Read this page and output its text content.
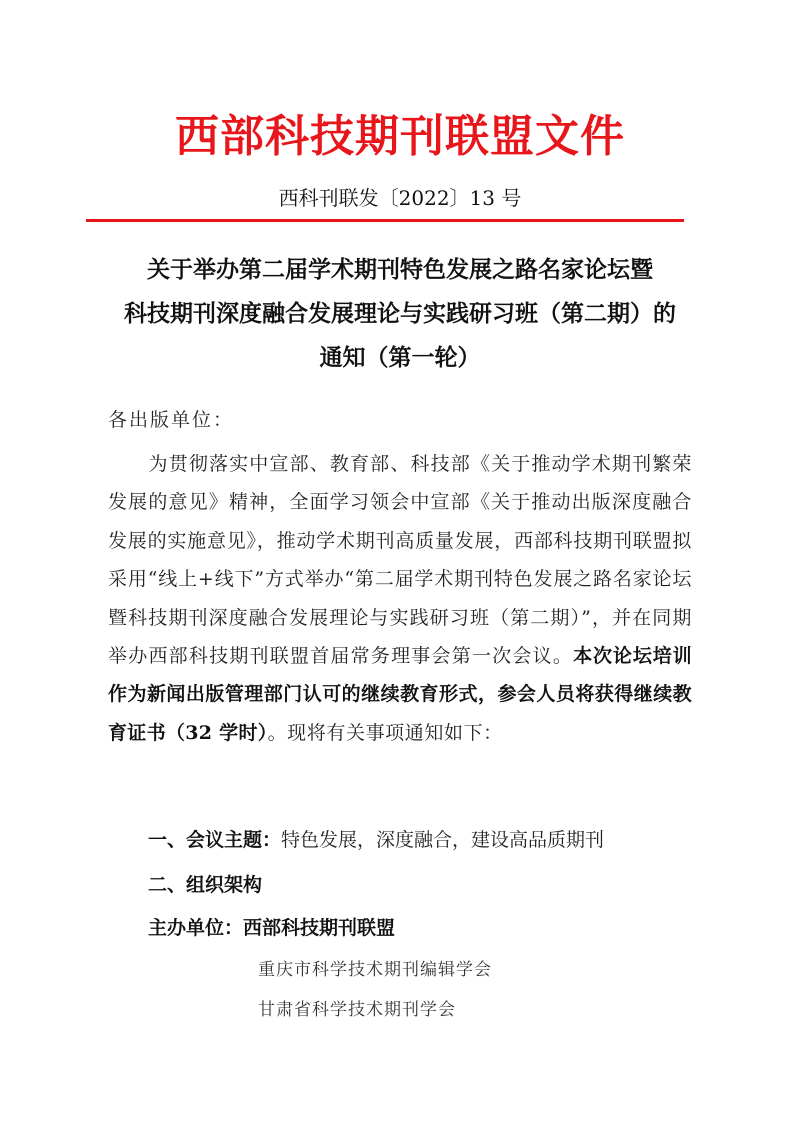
西部科技期刊联盟文件
西科刊联发〔2022〕13 号
关于举办第二届学术期刊特色发展之路名家论坛暨
科技期刊深度融合发展理论与实践研习班（第二期）的
通知（第一轮）
各出版单位：
为贯彻落实中宣部、教育部、科技部《关于推动学术期刊繁荣发展的意见》精神，全面学习领会中宣部《关于推动出版深度融合发展的实施意见》，推动学术期刊高质量发展，西部科技期刊联盟拟采用“线上+线下”方式举办“第二届学术期刊特色发展之路名家论坛暨科技期刊深度融合发展理论与实践研习班（第二期）”，并在同期举办西部科技期刊联盟首届常务理事会第一次会议。本次论坛培训作为新闻出版管理部门认可的继续教育形式，参会人员将获得继续教育证书（32 学时）。现将有关事项通知如下：
一、会议主题：特色发展，深度融合，建设高品质期刊
二、组织架构
主办单位：西部科技期刊联盟
重庆市科学技术期刊编辑学会
甘肃省科学技术期刊学会
